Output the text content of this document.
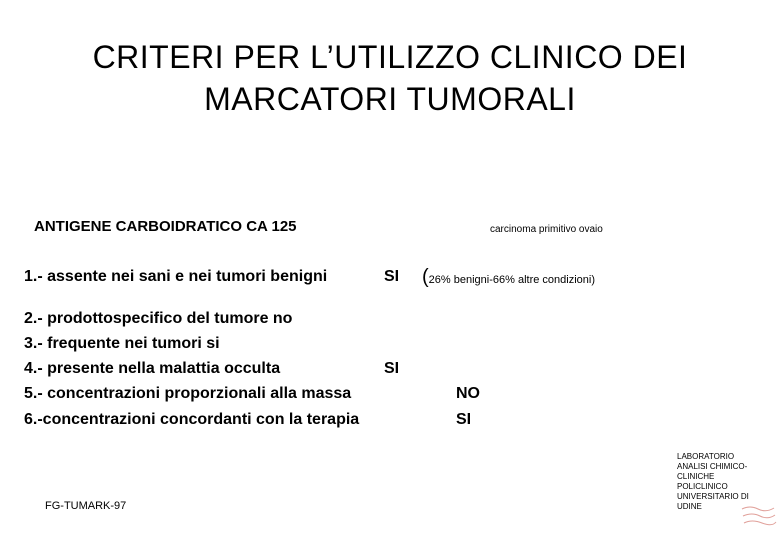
CRITERI PER L’UTILIZZO CLINICO DEI
MARCATORI TUMORALI
ANTIGENE CARBOIDRATICO CA 125	carcinoma primitivo ovaio
1.- assente nei sani e nei tumori benigni	SI (26% benigni-66% altre condizioni)
2.- prodottospecifico del tumore no
3.- frequente nei tumori si
4.- presente nella malattia occulta	SI
5.- concentrazioni proporzionali alla massa	NO
6.-concentrazioni concordanti con la terapia	SI
FG-TUMARK-97
LABORATORIO ANALISI CHIMICO-CLINICHE POLICLINICO UNIVERSITARIO DI UDINE
